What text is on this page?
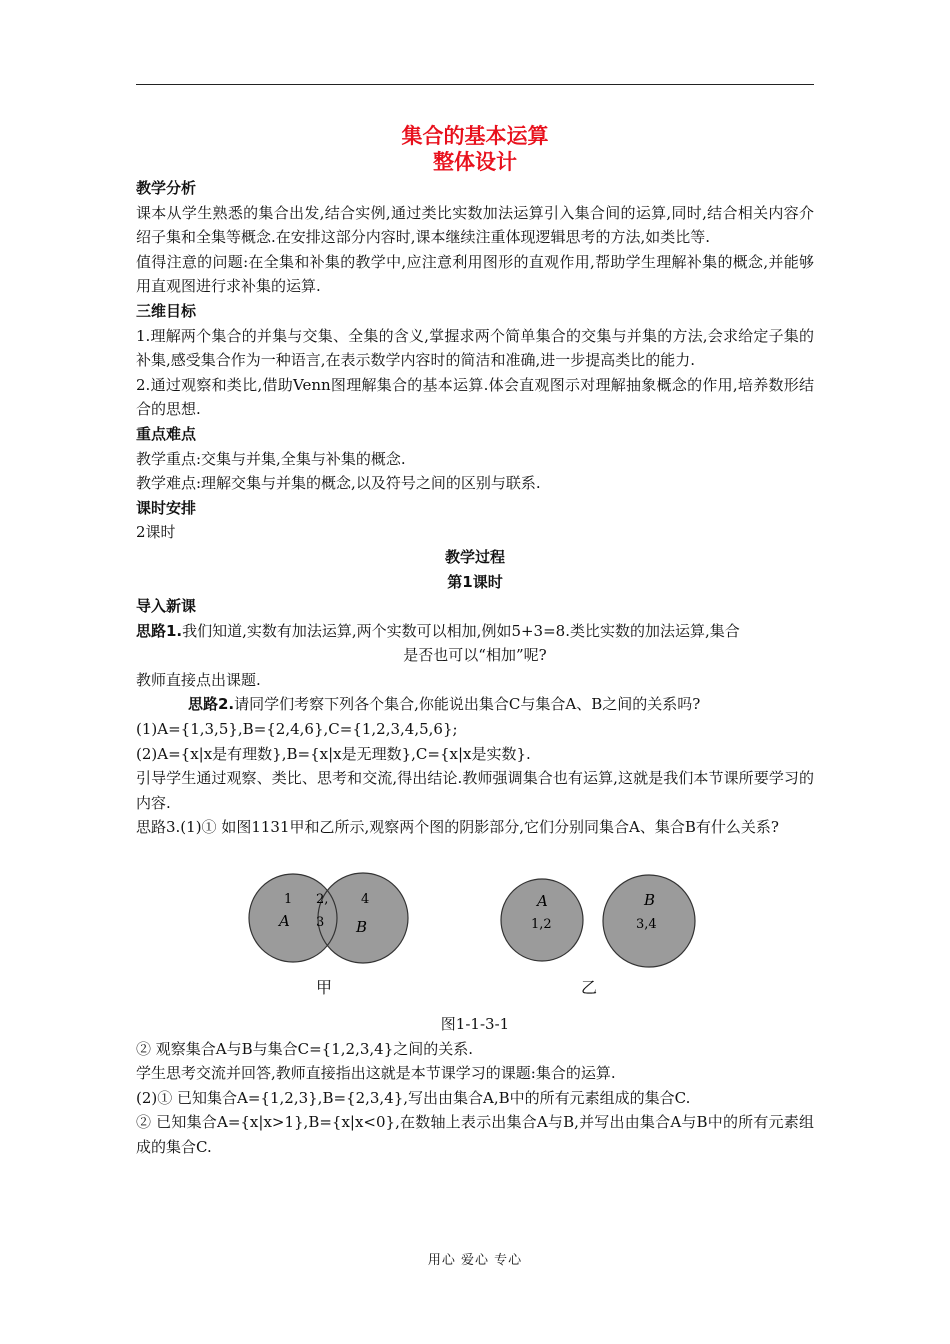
集合的基本运算
整体设计

教学分析

课本从学生熟悉的集合出发,结合实例,通过类比实数加法运算引入集合间的运算,同时,结合相关内容介绍子集和全集等概念.在安排这部分内容时,课本继续注重体现逻辑思考的方法,如类比等.

值得注意的问题:在全集和补集的教学中,应注意利用图形的直观作用,帮助学生理解补集的概念,并能够用直观图进行求补集的运算.

三维目标

1.理解两个集合的并集与交集、全集的含义,掌握求两个简单集合的交集与并集的方法,会求给定子集的补集,感受集合作为一种语言,在表示数学内容时的简洁和准确,进一步提高类比的能力.

2.通过观察和类比,借助Venn图理解集合的基本运算.体会直观图示对理解抽象概念的作用,培养数形结合的思想.

重点难点

教学重点:交集与并集,全集与补集的概念.

教学难点:理解交集与并集的概念,以及符号之间的区别与联系.

课时安排

2课时

教学过程

第1课时

导入新课

思路1.我们知道,实数有加法运算,两个实数可以相加,例如5+3=8.类比实数的加法运算,集合

是否也可以“相加”呢?

教师直接点出课题.

思路2.请同学们考察下列各个集合,你能说出集合C与集合A、B之间的关系吗?

(1)A={1,3,5},B={2,4,6},C={1,2,3,4,5,6};

(2)A={x|x是有理数},B={x|x是无理数},C={x|x是实数}.

引导学生通过观察、类比、思考和交流,得出结论.教师强调集合也有运算,这就是我们本节课所要学习的内容.

思路3.(1)① 如图1131甲和乙所示,观察两个图的阴影部分,它们分别同集合A、集合B有什么关系?

1
A
2,
3
4
B
A
1,2
B
3,4
甲	乙

图1-1-3-1

② 观察集合A与B与集合C={1,2,3,4}之间的关系.

学生思考交流并回答,教师直接指出这就是本节课学习的课题:集合的运算.

(2)① 已知集合A={1,2,3},B={2,3,4},写出由集合A,B中的所有元素组成的集合C.

② 已知集合A={x|x>1},B={x|x<0},在数轴上表示出集合A与B,并写出由集合A与B中的所有元素组成的集合C.

用心 爱心 专心
